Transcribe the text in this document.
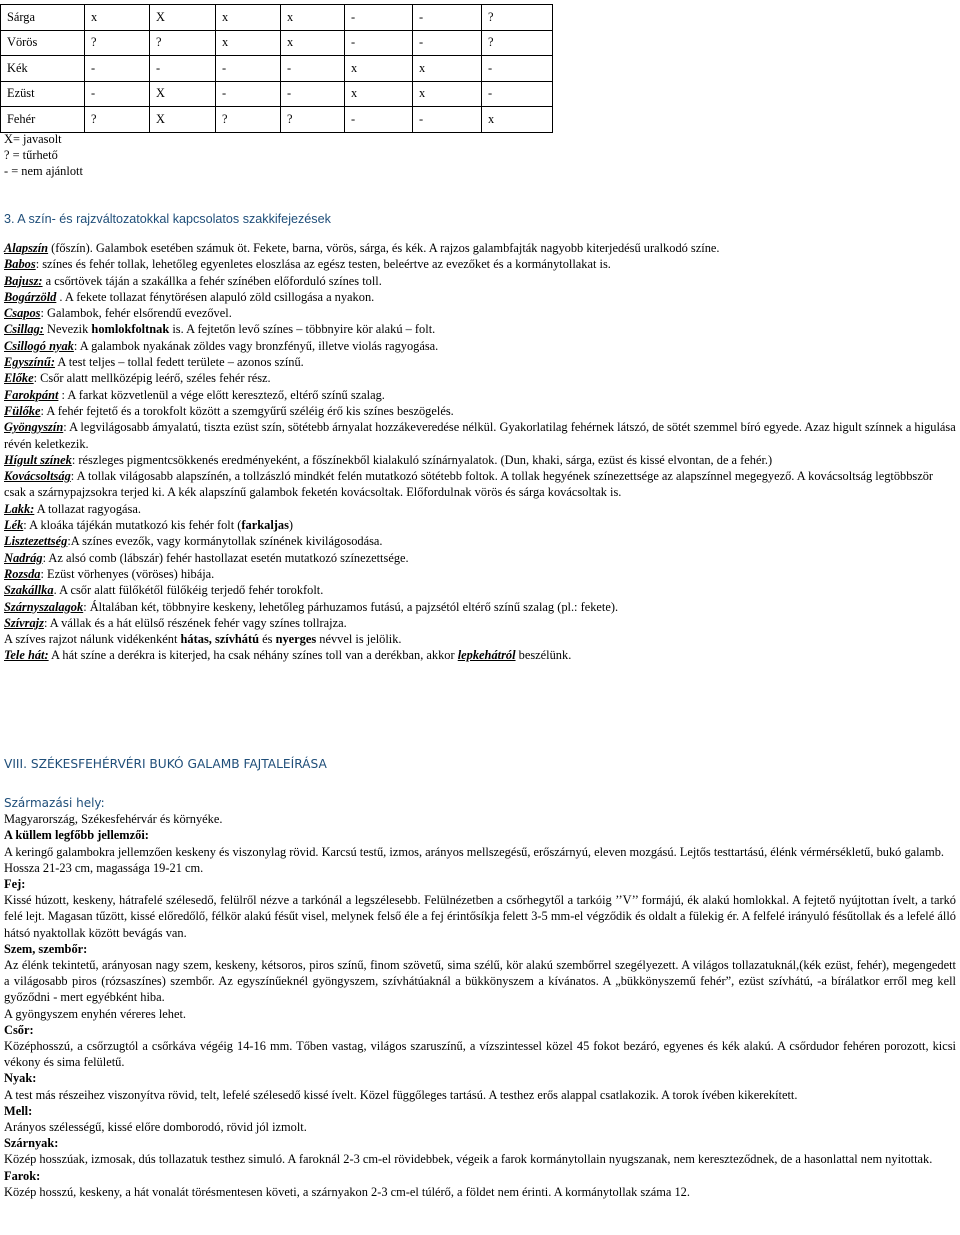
Sárga	x	X	x	x	-	-	?
Vörös	?	?	x	x	-	-	?
Kék	-	-	-	-	x	x	-
Ezüst	-	X	-	-	x	x	-
Fehér	?	X	?	?	-	-	x
X= javasolt
? = tűrhető
- = nem ajánlott
3. A szín- és rajzváltozatokkal kapcsolatos szakkifejezések

Alapszín (főszín). Galambok esetében számuk öt. Fekete, barna, vörös, sárga, és kék. A rajzos galambfajták nagyobb kiterjedésű uralkodó színe.

Babos: színes és fehér tollak, lehetőleg egyenletes eloszlása az egész testen, beleértve az evezőket és a kormánytollakat is.

Bajusz: a csőrtövek táján a szakállka a fehér színében előforduló színes toll.

Bogárzöld . A fekete tollazat fénytörésen alapuló zöld csillogása a nyakon.

Csapos: Galambok, fehér elsőrendű evezővel.

Csillag: Nevezik homlokfoltnak is. A fejtetőn levő színes – többnyire kör alakú – folt.

Csillogó nyak: A galambok nyakának zöldes vagy bronzfényű, illetve violás ragyogása.

Egyszínű: A test teljes – tollal fedett területe – azonos színű.

Előke: Csőr alatt mellközépig leérő, széles fehér rész.

Farokpánt : A farkat közvetlenül a vége előtt keresztező, eltérő színű szalag.

Fülőke: A fehér fejtető és a torokfolt között a szemgyűrű széléig érő kis színes beszögelés.

Gyöngyszín: A legvilágosabb ámyalatú, tiszta ezüst szín, sötétebb árnyalat hozzákeveredése nélkül. Gyakorlatilag fehérnek látszó, de sötét szemmel bíró egyede. Azaz higult színnek a higulása révén keletkezik.

Hígult színek: részleges pigmentcsökkenés eredményeként, a főszínekből kialakuló színárnyalatok. (Dun, khaki, sárga, ezüst és kissé elvontan, de a fehér.)

Kovácsoltság: A tollak világosabb alapszínén, a tollzászló mindkét felén mutatkozó sötétebb foltok. A tollak hegyének színezettsége az alapszínnel megegyező. A kovácsoltság legtöbbször csak a szárnypajzsokra terjed ki. A kék alapszínű galambok feketén kovácsoltak. Előfordulnak vörös és sárga kovácsoltak is.

Lakk: A tollazat ragyogása.

Lék: A kloáka tájékán mutatkozó kis fehér folt (farkaljas)

Lisztezettség:A színes evezők, vagy kormánytollak színének kivilágosodása.

Nadrág: Az alsó comb (lábszár) fehér hastollazat esetén mutatkozó színezettsége.

Rozsda: Ezüst vörhenyes (vöröses) hibája.

Szakállka. A csőr alatt fülőkétől fülőkéig terjedő fehér torokfolt.

Szárnyszalagok: Általában két, többnyire keskeny, lehetőleg párhuzamos futású, a pajzsétól eltérő színű szalag (pl.: fekete).

Szívrajz: A vállak és a hát elülső részének fehér vagy színes tollrajza.

A szíves rajzot nálunk vidékenként hátas, szívhátú és nyerges névvel is jelölik.

Tele hát: A hát színe a derékra is kiterjed, ha csak néhány színes toll van a derékban, akkor lepkehátról beszélünk.

VIII. SZÉKESFEHÉRVÉRI BUKÓ GALAMB FAJTALEÍRÁSA

Származási hely:

Magyarország, Székesfehérvár és környéke.

A küllem legfőbb jellemzői:

A keringő galambokra jellemzően keskeny és viszonylag rövid. Karcsú testű, izmos, arányos mellszegésű, erőszárnyú, eleven mozgású. Lejtős testtartású, élénk vérmérsékletű, bukó galamb.

Hossza 21-23 cm, magassága 19-21 cm.

Fej:

Kissé húzott, keskeny, hátrafelé szélesedő, felülről nézve a tarkónál a legszélesebb. Felülnézetben a csőrhegytől a tarkóig ’’V’’ formájú, ék alakú homlokkal. A fejtető nyújtottan ívelt, a tarkó felé lejt. Magasan tűzött, kissé előredőlő, félkör alakú fésűt visel, melynek felső éle a fej érintősíkja felett 3-5 mm-el végződik és oldalt a fülekig ér. A felfelé irányuló fésűtollak és a lefelé álló hátsó nyaktollak között bevágás van.

Szem, szembőr:

Az élénk tekintetű, arányosan nagy szem, keskeny, kétsoros, piros színű, finom szövetű, sima szélű, kör alakú szembőrrel szegélyezett. A világos tollazatuknál,(kék ezüst, fehér), megengedett a világosabb piros (rózsaszínes) szembőr. Az egyszínűeknél gyöngyszem, szívhátúaknál a bükkönyszem a kívánatos. A „bükkönyszemű fehér”, ezüst szívhátú, -a bírálatkor erről meg kell győződni - mert egyébként hiba.

A gyöngyszem enyhén véreres lehet.

Csőr:

Középhosszú, a csőrzugtól a csőrkáva végéig 14-16 mm. Tőben vastag, világos szaruszínű, a vízszintessel közel 45 fokot bezáró, egyenes és kék alakú. A csőrdudor fehéren porozott, kicsi vékony és sima felületű.

Nyak:

A test más részeihez viszonyítva rövid, telt, lefelé szélesedő kissé ívelt. Közel függőleges tartású. A testhez erős alappal csatlakozik. A torok ívében kikerekített.

Mell:

Arányos szélességű, kissé előre domborodó, rövid jól izmolt.

Szárnyak:

Közép hosszúak, izmosak, dús tollazatuk testhez simuló. A faroknál 2-3 cm-el rövidebbek, végeik a farok kormánytollain nyugszanak, nem kereszteződnek, de a hasonlattal nem nyitottak.

Farok:

Közép hosszú, keskeny, a hát vonalát törésmentesen követi, a szárnyakon 2-3 cm-el túlérő, a földet nem érinti. A kormánytollak száma 12.
